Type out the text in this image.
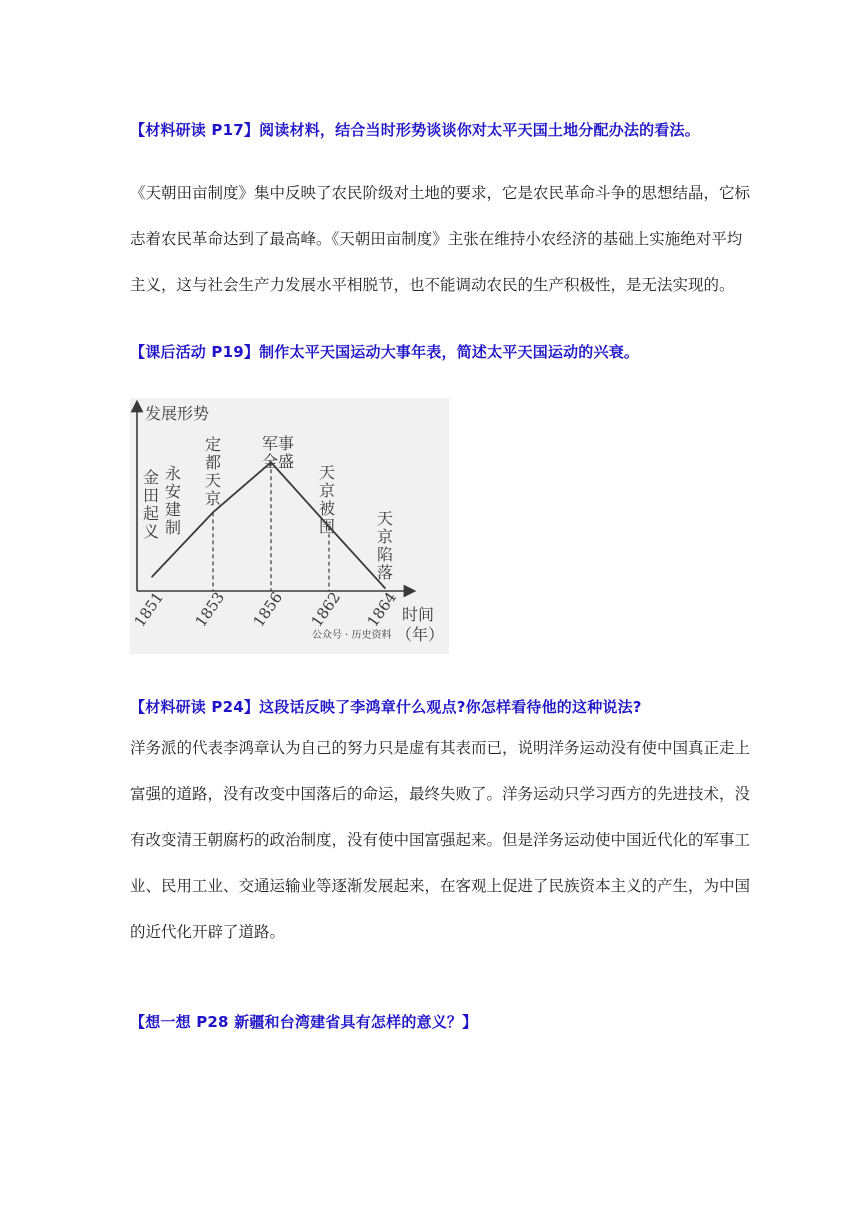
【材料研读 P17】阅读材料，结合当时形势谈谈你对太平天国土地分配办法的看法。
《天朝田亩制度》集中反映了农民阶级对土地的要求，它是农民革命斗争的思想结晶，它标
志着农民革命达到了最高峰。《天朝田亩制度》主张在维持小农经济的基础上实施绝对平均
主义，这与社会生产力发展水平相脱节，也不能调动农民的生产积极性，是无法实现的。
【课后活动 P19】制作太平天国运动大事年表，简述太平天国运动的兴衰。
发展形势
时间
（年）
1851 1853 1856 1862 1864
金
田
起
义
永
安
建
制
定
都
天
京
军事
全盛
天
京
被
围	天
京
陷
落
公众号 · 历史资料
【材料研读 P24】这段话反映了李鸿章什么观点?你怎样看待他的这种说法?
洋务派的代表李鸿章认为自己的努力只是虚有其表而已，说明洋务运动没有使中国真正走上
富强的道路，没有改变中国落后的命运，最终失败了。洋务运动只学习西方的先进技术，没
有改变清王朝腐朽的政治制度，没有使中国富强起来。但是洋务运动使中国近代化的军事工
业、民用工业、交通运输业等逐渐发展起来，在客观上促进了民族资本主义的产生，为中国
的近代化开辟了道路。
【想一想 P28 新疆和台湾建省具有怎样的意义？】
